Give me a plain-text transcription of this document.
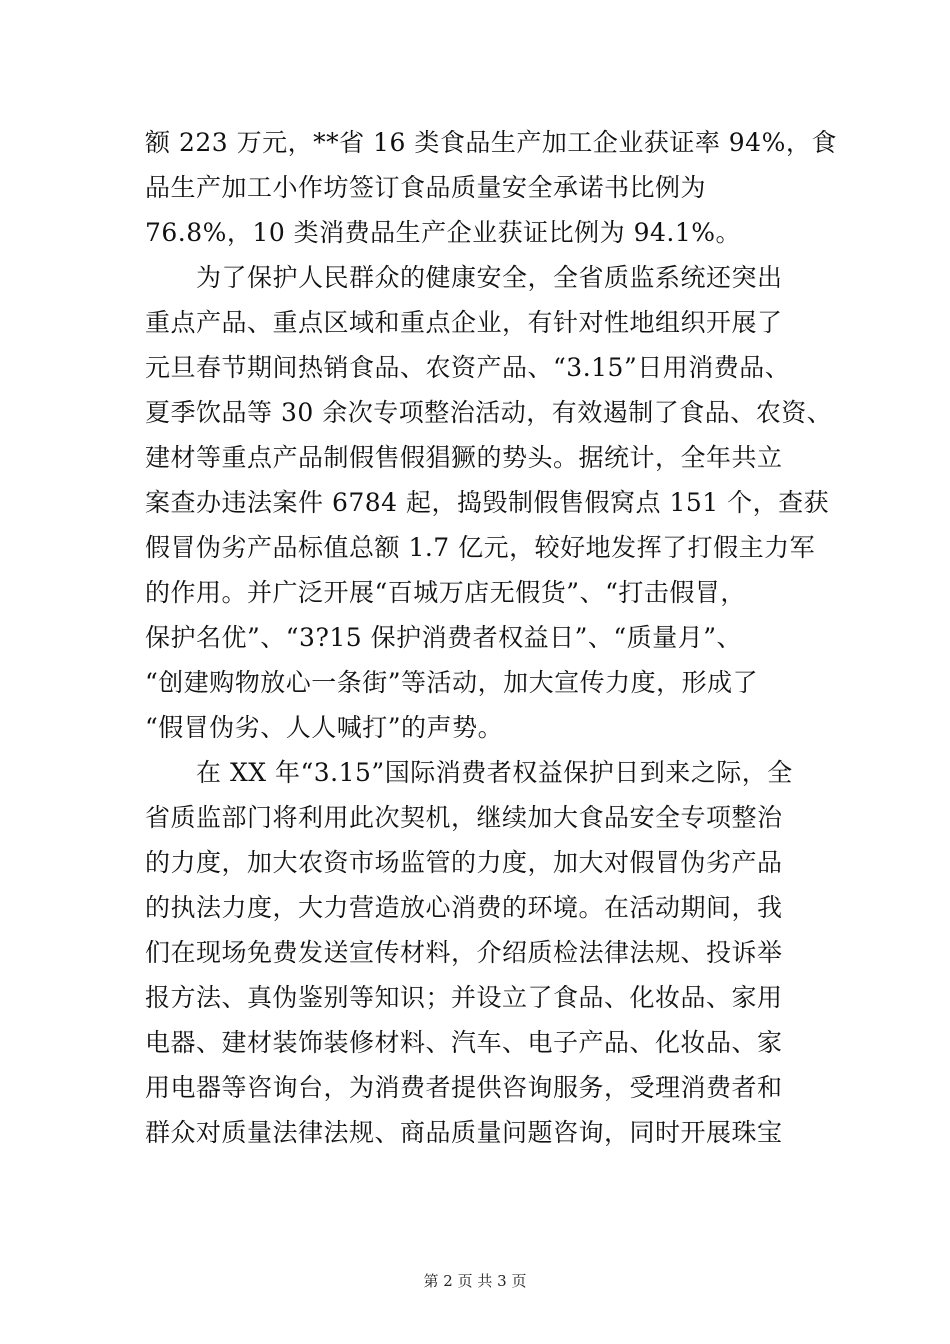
额 223 万元，**省 16 类食品生产加工企业获证率 94%，食
品生产加工小作坊签订食品质量安全承诺书比例为
76.8%，10 类消费品生产企业获证比例为 94.1%。
　　为了保护人民群众的健康安全，全省质监系统还突出
重点产品、重点区域和重点企业，有针对性地组织开展了
元旦春节期间热销食品、农资产品、“3.15”日用消费品、
夏季饮品等 30 余次专项整治活动，有效遏制了食品、农资、
建材等重点产品制假售假猖獗的势头。据统计，全年共立
案查办违法案件 6784 起，捣毁制假售假窝点 151 个，查获
假冒伪劣产品标值总额 1.7 亿元，较好地发挥了打假主力军
的作用。并广泛开展“百城万店无假货”、“打击假冒，
保护名优”、“3?15 保护消费者权益日”、“质量月”、
“创建购物放心一条街”等活动，加大宣传力度，形成了
“假冒伪劣、人人喊打”的声势。
　　在 XX 年“3.15”国际消费者权益保护日到来之际，全
省质监部门将利用此次契机，继续加大食品安全专项整治
的力度，加大农资市场监管的力度，加大对假冒伪劣产品
的执法力度，大力营造放心消费的环境。在活动期间，我
们在现场免费发送宣传材料，介绍质检法律法规、投诉举
报方法、真伪鉴别等知识；并设立了食品、化妆品、家用
电器、建材装饰装修材料、汽车、电子产品、化妆品、家
用电器等咨询台，为消费者提供咨询服务，受理消费者和
群众对质量法律法规、商品质量问题咨询，同时开展珠宝
第 2 页 共 3 页
